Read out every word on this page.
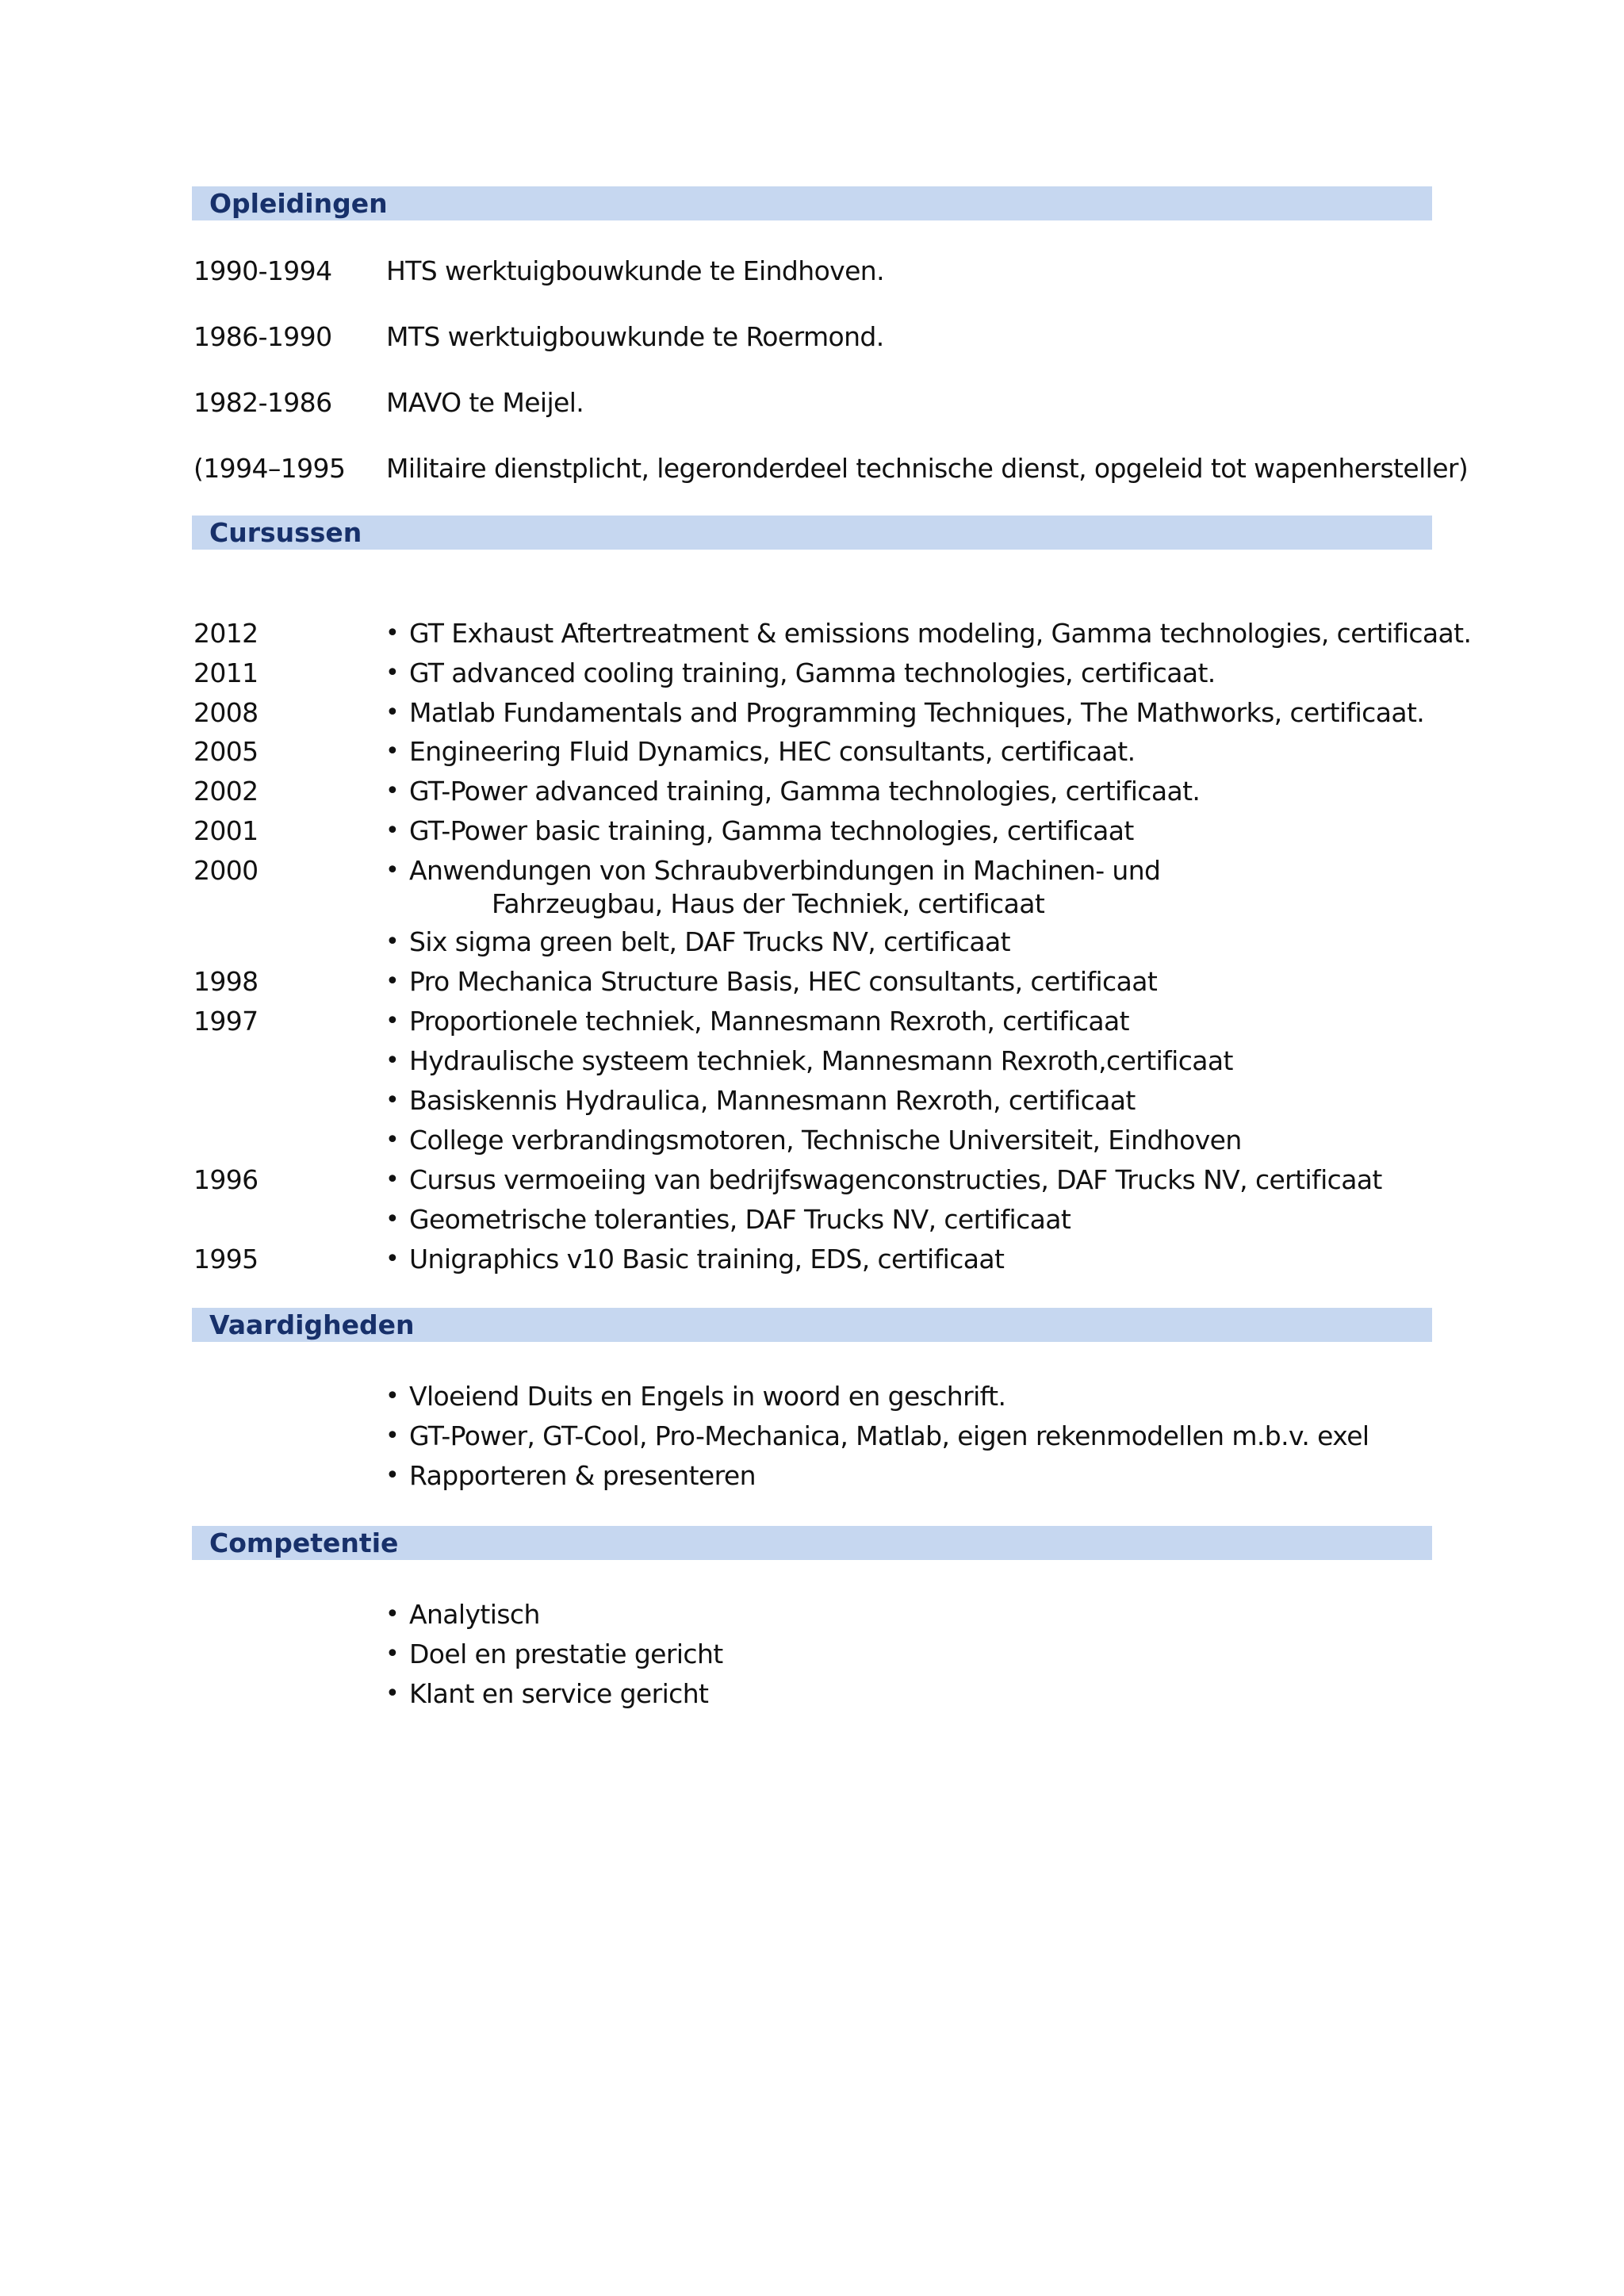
Opleidingen
1990-1994 HTS werktuigbouwkunde te Eindhoven.
1986-1990 MTS werktuigbouwkunde te Roermond.
1982-1986 MAVO te Meijel.
(1994–1995 Militaire dienstplicht, legeronderdeel technische dienst, opgeleid tot wapenhersteller)
Cursussen
2012	• GT Exhaust Aftertreatment & emissions modeling, Gamma technologies, certificaat.
2011	• GT advanced cooling training, Gamma technologies, certificaat.
2008	• Matlab Fundamentals and Programming Techniques, The Mathworks, certificaat.
2005	• Engineering Fluid Dynamics, HEC consultants, certificaat.
2002	• GT-Power advanced training, Gamma technologies, certificaat.
2001	• GT-Power basic training, Gamma technologies, certificaat
2000	• Anwendungen von Schraubverbindungen in Machinen- und
Fahrzeugbau, Haus der Techniek, certificaat
• Six sigma green belt, DAF Trucks NV, certificaat
1998	• Pro Mechanica Structure Basis, HEC consultants, certificaat
1997	• Proportionele techniek, Mannesmann Rexroth, certificaat
• Hydraulische systeem techniek, Mannesmann Rexroth,certificaat
• Basiskennis Hydraulica, Mannesmann Rexroth, certificaat
• College verbrandingsmotoren, Technische Universiteit, Eindhoven
1996	• Cursus vermoeiing van bedrijfswagenconstructies, DAF Trucks NV, certificaat
• Geometrische toleranties, DAF Trucks NV, certificaat
1995	• Unigraphics v10 Basic training, EDS, certificaat
Vaardigheden
• Vloeiend Duits en Engels in woord en geschrift.
• GT-Power, GT-Cool, Pro-Mechanica, Matlab, eigen rekenmodellen m.b.v. exel
• Rapporteren & presenteren
Competentie
• Analytisch
• Doel en prestatie gericht
• Klant en service gericht
